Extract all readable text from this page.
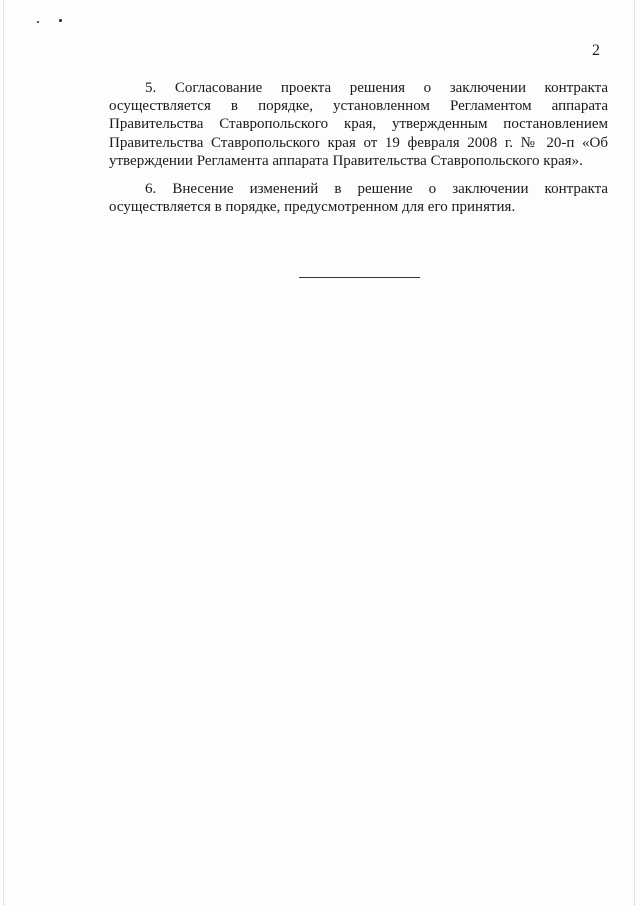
2

5. Согласование проекта решения о заключении контракта осуществляется в порядке, установленном Регламентом аппарата Правительства Ставропольского края, утвержденным постановлением Правительства Ставропольского края от 19 февраля 2008 г. № 20-п «Об утверждении Регламента аппарата Правительства Ставропольского края».

6. Внесение изменений в решение о заключении контракта осуществляется в порядке, предусмотренном для его принятия.
